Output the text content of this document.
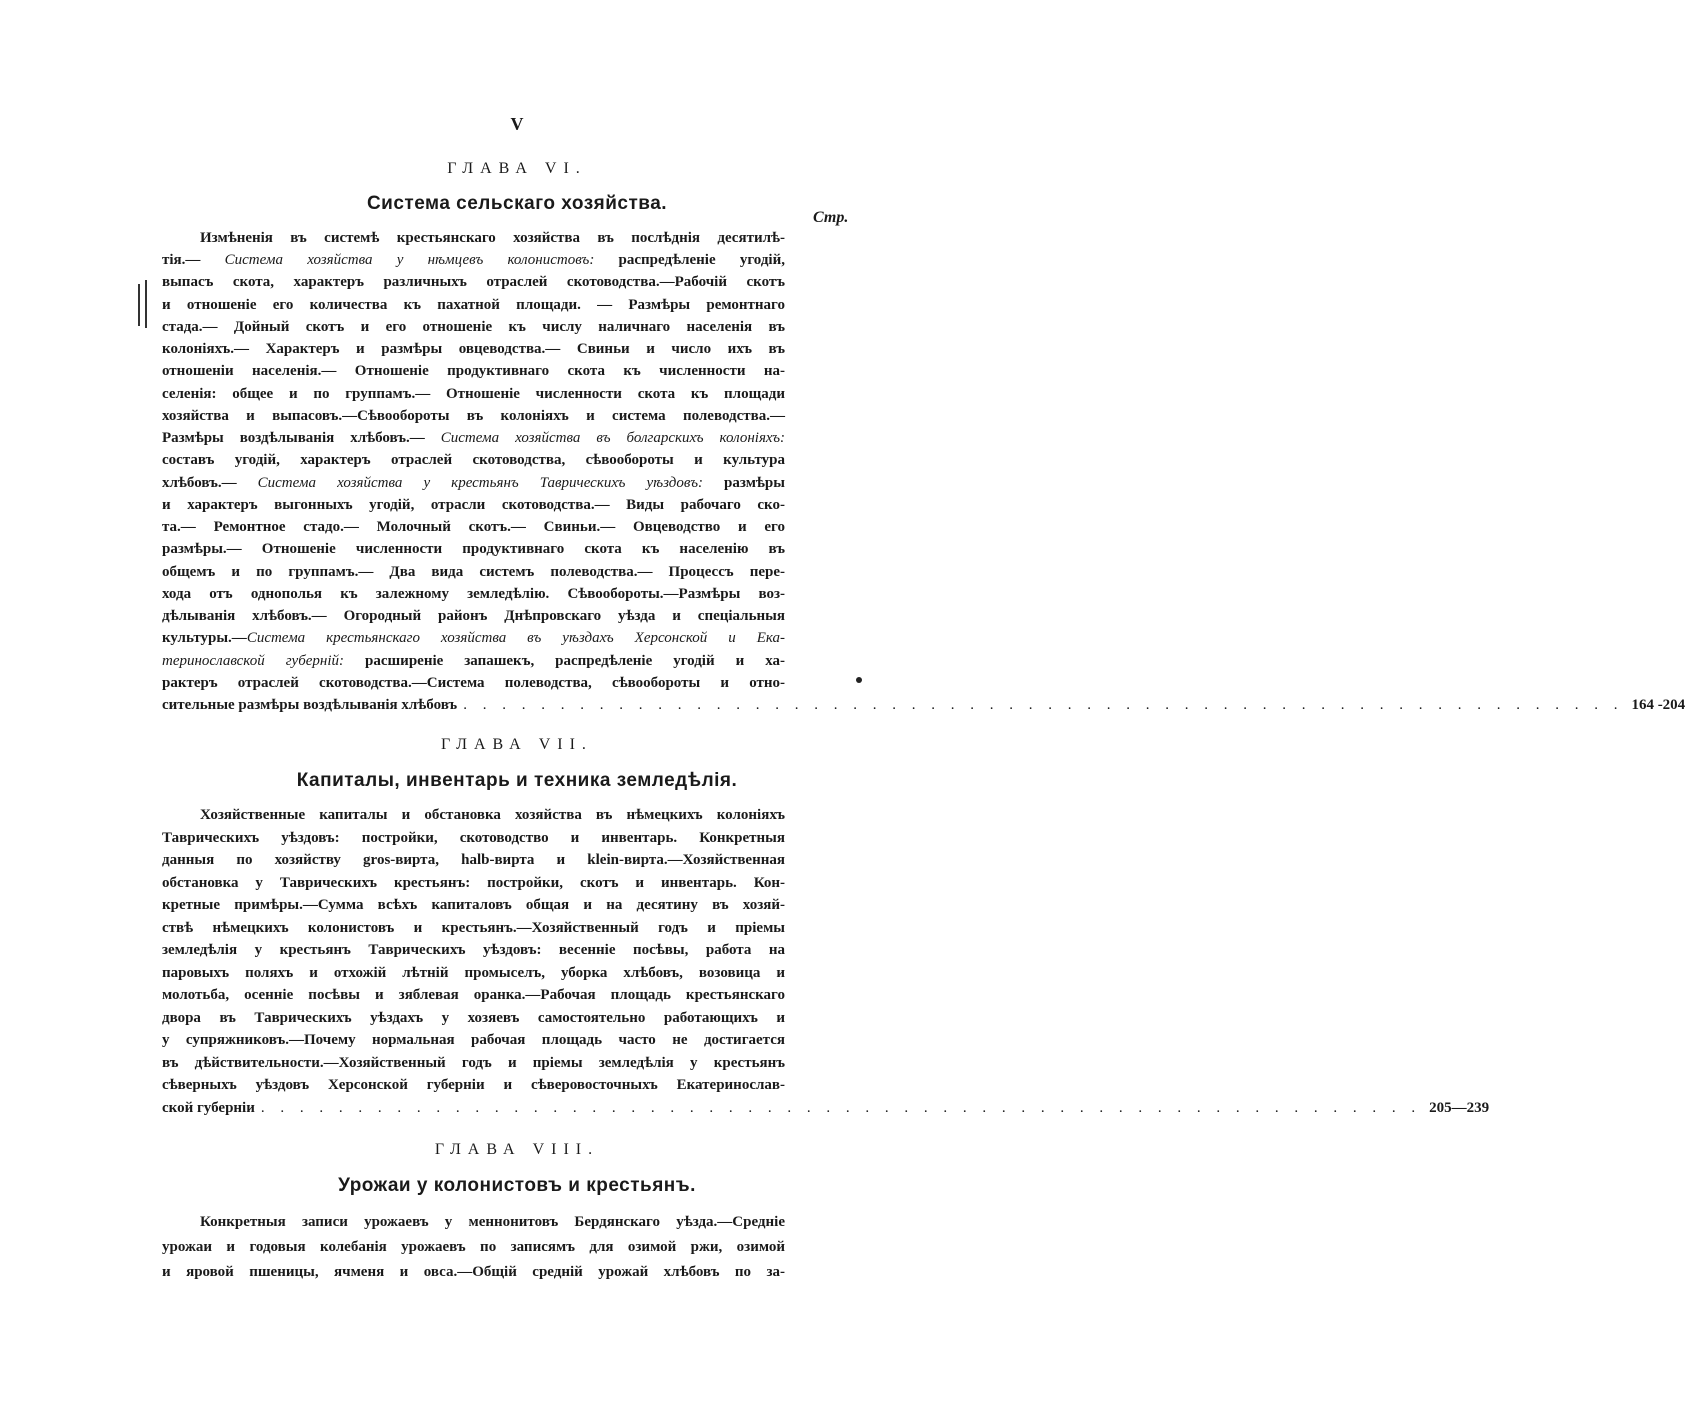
V
Стр.
ГЛАВА VI.
Система сельскаго хозяйства.
Измѣненія въ системѣ крестьянскаго хозяйства въ послѣднія десятилѣ-
тія.— Система хозяйства у нѣмцевъ колонистовъ: распредѣленіе угодій,
выпасъ скота, характеръ различныхъ отраслей скотоводства.—Рабочій скотъ
и отношеніе его количества къ пахатной площади. — Размѣры ремонтнаго
стада.— Дойный скотъ и его отношеніе къ числу наличнаго населенія въ
колоніяхъ.— Характеръ и размѣры овцеводства.— Свиньи и число ихъ въ
отношеніи населенія.— Отношеніе продуктивнаго скота къ численности на-
селенія: общее и по группамъ.— Отношеніе численности скота къ площади
хозяйства и выпасовъ.—Сѣвообороты въ колоніяхъ и система полеводства.—
Размѣры воздѣлыванія хлѣбовъ.— Система хозяйства въ болгарскихъ колоніяхъ:
составъ угодій, характеръ отраслей скотоводства, сѣвообороты и культура
хлѣбовъ.— Система хозяйства у крестьянъ Таврическихъ уѣздовъ: размѣры
и характеръ выгонныхъ угодій, отрасли скотоводства.— Виды рабочаго ско-
та.— Ремонтное стадо.— Молочный скотъ.— Свиньи.— Овцеводство и его
размѣры.— Отношеніе численности продуктивнаго скота къ населенію въ
общемъ и по группамъ.— Два вида системъ полеводства.— Процессъ пере-
хода отъ однополья къ залежному земледѣлію. Сѣвообороты.—Размѣры воз-
дѣлыванія хлѣбовъ.— Огородный районъ Днѣпровскаго уѣзда и спеціальныя
культуры.—Система крестьянскаго хозяйства въ уѣздахъ Херсонской и Ека-
теринославской губерній: расширеніе запашекъ, распредѣленіе угодій и ха-
рактеръ отраслей скотоводства.—Система полеводства, сѣвообороты и отно-
сительные размѣры воздѣлыванія хлѣбовъ . . . . . . . . . . . . . . . . . . . . . . . . . . . . . . . . . . . . . . . . . . . . . . . . . . . . . . . . . . . . 164 -204
ГЛАВА VII.
Капиталы, инвентарь и техника земледѣлія.
Хозяйственные капиталы и обстановка хозяйства въ нѣмецкихъ колоніяхъ
Таврическихъ уѣздовъ: постройки, скотоводство и инвентарь. Конкретныя
данныя по хозяйству gros-вирта, halb-вирта и klein-вирта.—Хозяйственная
обстановка у Таврическихъ крестьянъ: постройки, скотъ и инвентарь. Кон-
кретные примѣры.—Сумма всѣхъ капиталовъ общая и на десятину въ хозяй-
ствѣ нѣмецкихъ колонистовъ и крестьянъ.—Хозяйственный годъ и пріемы
земледѣлія у крестьянъ Таврическихъ уѣздовъ: весенніе посѣвы, работа на
паровыхъ поляхъ и отхожій лѣтній промыселъ, уборка хлѣбовъ, возовица и
молотьба, осенніе посѣвы и зяблевая оранка.—Рабочая площадь крестьянскаго
двора въ Таврическихъ уѣздахъ у хозяевъ самостоятельно работающихъ и
у супряжниковъ.—Почему нормальная рабочая площадь часто не достигается
въ дѣйствительности.—Хозяйственный годъ и пріемы земледѣлія у крестьянъ
сѣверныхъ уѣздовъ Херсонской губерніи и сѣверовосточныхъ Екатеринослав-
ской губерніи . . . . . . . . . . . . . . . . . . . . . . . . . . . . . . . . . . . . . . . . . . . . . . . . . . . . . . . . . . . . 205—239
ГЛАВА VIII.
Урожаи у колонистовъ и крестьянъ.
Конкретныя записи урожаевъ у меннонитовъ Бердянскаго уѣзда.—Средніе
урожаи и годовыя колебанія урожаевъ по записямъ для озимой ржи, озимой
и яровой пшеницы, ячменя и овса.—Общій средній урожай хлѣбовъ по за-
